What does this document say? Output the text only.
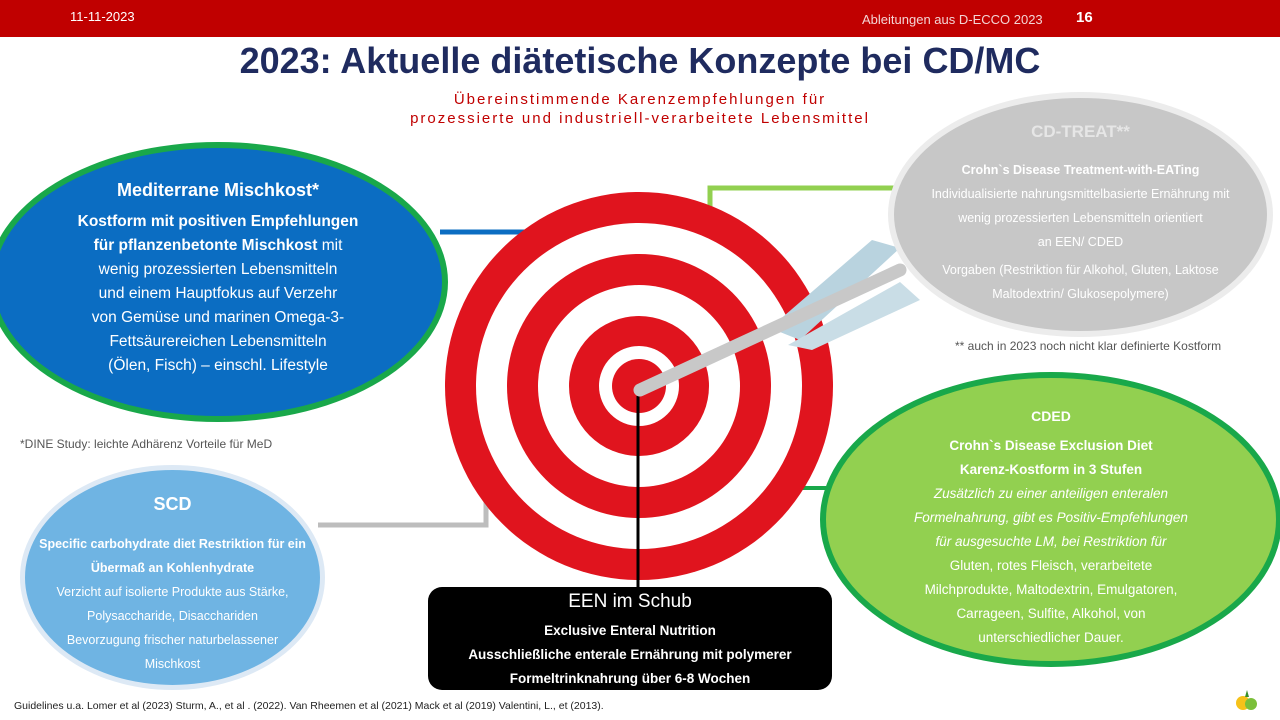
11-11-2023	Ableitungen aus D-ECCO 2023 16
2023: Aktuelle diätetische Konzepte bei CD/MC
Übereinstimmende Karenzempfehlungen für
prozessierte und industriell-verarbeitete Lebensmittel
Mediterrane Mischkost*
Kostform mit positiven Empfehlungen
für pflanzenbetonte Mischkost mit
wenig prozessierten Lebensmitteln
und einem Hauptfokus auf Verzehr
von Gemüse und marinen Omega-3-
Fettsäurereichen Lebensmitteln
(Ölen, Fisch) – einschl. Lifestyle
*DINE Study: leichte Adhärenz Vorteile für MeD
SCD
Specific carbohydrate diet Restriktion für ein
Übermaß an Kohlenhydrate
Verzicht auf isolierte Produkte aus Stärke,
Polysaccharide, Disacchariden
Bevorzugung frischer naturbelassener
Mischkost
CD-TREAT**
Crohn`s Disease Treatment-with-EATing
Individualisierte nahrungsmittelbasierte Ernährung mit
wenig prozessierten Lebensmitteln orientiert
an EEN/ CDED
Vorgaben (Restriktion für Alkohol, Gluten, Laktose
Maltodextrin/ Glukosepolymere)
** auch in 2023 noch nicht klar definierte Kostform
CDED
Crohn`s Disease Exclusion Diet
Karenz-Kostform in 3 Stufen
Zusätzlich zu einer anteiligen enteralen
Formelnahrung, gibt es Positiv-Empfehlungen
für ausgesuchte LM, bei Restriktion für
Gluten, rotes Fleisch, verarbeitete
Milchprodukte, Maltodextrin, Emulgatoren,
Carrageen, Sulfite, Alkohol, von
unterschiedlicher Dauer.
EEN im Schub
Exclusive Enteral Nutrition
Ausschließliche enterale Ernährung mit polymerer
Formeltrinknahrung über 6-8 Wochen
Guidelines u.a. Lomer et al (2023) Sturm, A., et al . (2022). Van Rheemen et al (2021) Mack et al (2019) Valentini, L., et (2013).
